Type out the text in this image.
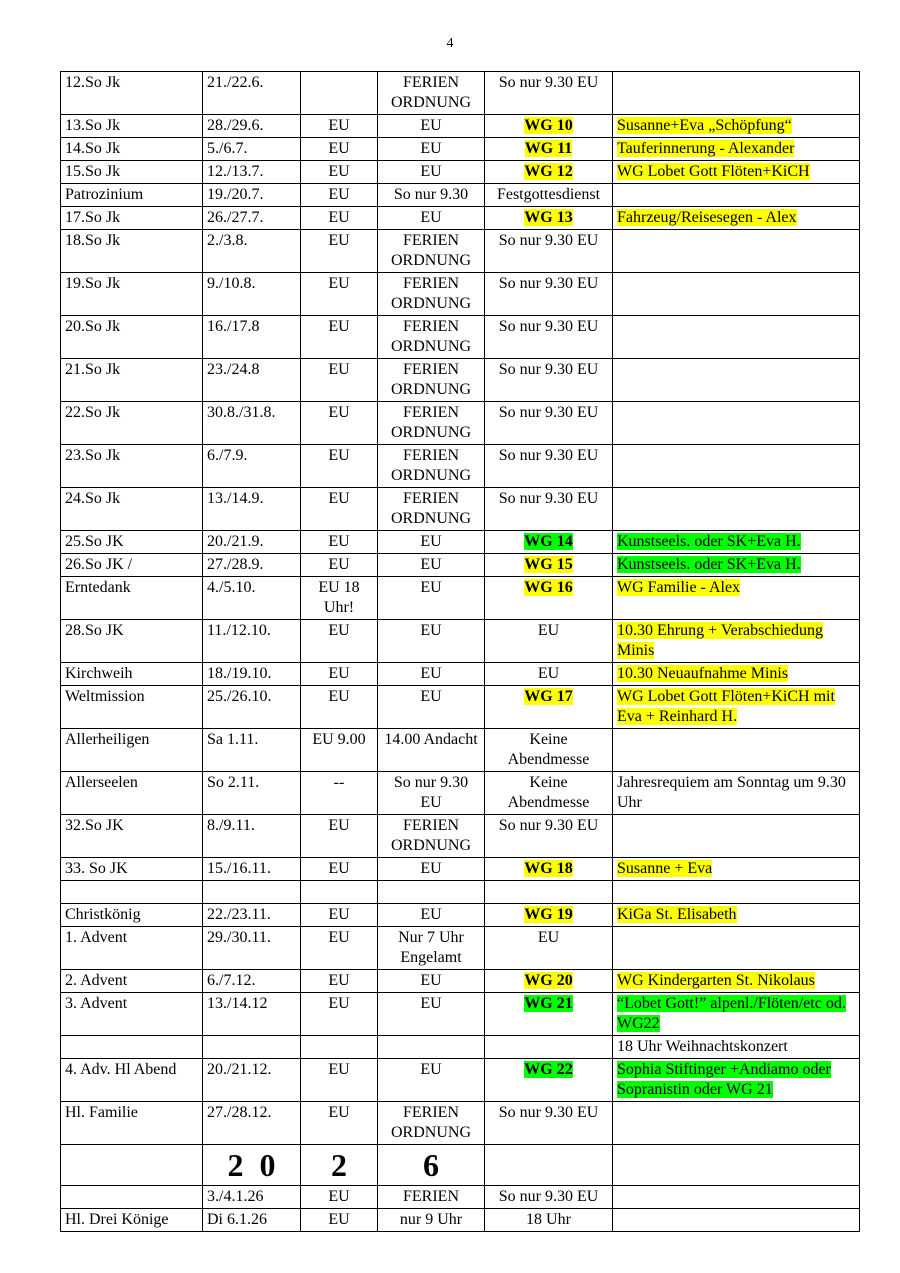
4
12.So Jk	21./22.6.		FERIEN ORDNUNG	So nur 9.30 EU	
13.So Jk	28./29.6.	EU	EU	WG 10	Susanne+Eva „Schöpfung“
14.So Jk	5./6.7.	EU	EU	WG 11	Tauferinnerung - Alexander
15.So Jk	12./13.7.	EU	EU	WG 12	WG Lobet Gott Flöten+KiCH
Patrozinium	19./20.7.	EU	So nur 9.30	Festgottesdienst	
17.So Jk	26./27.7.	EU	EU	WG 13	Fahrzeug/Reisesegen - Alex
18.So Jk	2./3.8.	EU	FERIEN ORDNUNG	So nur 9.30 EU	
19.So Jk	9./10.8.	EU	FERIEN ORDNUNG	So nur 9.30 EU	
20.So Jk	16./17.8	EU	FERIEN ORDNUNG	So nur 9.30 EU	
21.So Jk	23./24.8	EU	FERIEN ORDNUNG	So nur 9.30 EU	
22.So Jk	30.8./31.8.	EU	FERIEN ORDNUNG	So nur 9.30 EU	
23.So Jk	6./7.9.	EU	FERIEN ORDNUNG	So nur 9.30 EU	
24.So Jk	13./14.9.	EU	FERIEN ORDNUNG	So nur 9.30 EU	
25.So JK	20./21.9.	EU	EU	WG 14	Kunstseels. oder SK+Eva H.
26.So JK /	27./28.9.	EU	EU	WG 15	Kunstseels. oder SK+Eva H.
Erntedank	4./5.10.	EU 18 Uhr!	EU	WG 16	WG Familie - Alex
28.So JK	11./12.10.	EU	EU	EU	10.30 Ehrung + Verabschiedung Minis
Kirchweih	18./19.10.	EU	EU	EU	10.30 Neuaufnahme Minis
Weltmission	25./26.10.	EU	EU	WG 17	WG Lobet Gott Flöten+KiCH mit Eva + Reinhard H.
Allerheiligen	Sa 1.11.	EU 9.00	14.00 Andacht	Keine Abendmesse	
Allerseelen	So 2.11.	--	So nur 9.30 EU	Keine Abendmesse	Jahresrequiem am Sonntag um 9.30 Uhr
32.So JK	8./9.11.	EU	FERIEN ORDNUNG	So nur 9.30 EU	
33. So JK	15./16.11.	EU	EU	WG 18	Susanne + Eva

Christkönig	22./23.11.	EU	EU	WG 19	KiGa St. Elisabeth
1. Advent	29./30.11.	EU	Nur 7 Uhr Engelamt	EU	
2. Advent	6./7.12.	EU	EU	WG 20	WG Kindergarten St. Nikolaus
3. Advent	13./14.12	EU	EU	WG 21	“Lobet Gott!” alpenl./Flöten/etc od. WG22
					18 Uhr Weihnachtskonzert
4. Adv. Hl Abend	20./21.12.	EU	EU	WG 22	Sophia Stiftinger +Andiamo oder Sopranistin oder WG 21
Hl. Familie	27./28.12.	EU	FERIEN ORDNUNG	So nur 9.30 EU	
	2 0	2	6		
	3./4.1.26	EU	FERIEN	So nur 9.30 EU	
Hl. Drei Könige	Di 6.1.26	EU	nur 9 Uhr	18 Uhr	
